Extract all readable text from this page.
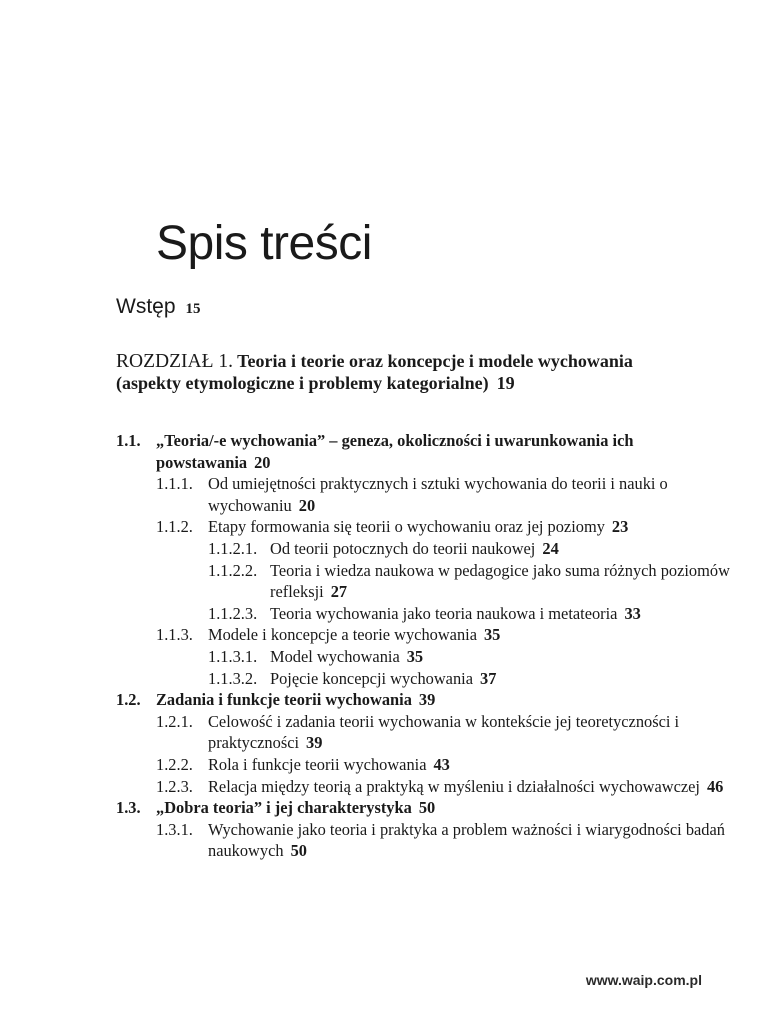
Spis treści
Wstęp 15
ROZDZIAŁ 1. Teoria i teorie oraz koncepcje i modele wychowania (aspekty etymologiczne i problemy kategorialne) 19
1.1. „Teoria/-e wychowania” – geneza, okoliczności i uwarunkowania ich powstawania 20
1.1.1. Od umiejętności praktycznych i sztuki wychowania do teorii i nauki o wychowaniu 20
1.1.2. Etapy formowania się teorii o wychowaniu oraz jej poziomy 23
1.1.2.1. Od teorii potocznych do teorii naukowej 24
1.1.2.2. Teoria i wiedza naukowa w pedagogice jako suma różnych poziomów refleksji 27
1.1.2.3. Teoria wychowania jako teoria naukowa i metateoria 33
1.1.3. Modele i koncepcje a teorie wychowania 35
1.1.3.1. Model wychowania 35
1.1.3.2. Pojęcie koncepcji wychowania 37
1.2. Zadania i funkcje teorii wychowania 39
1.2.1. Celowość i zadania teorii wychowania w kontekście jej teoretyczności i praktyczności 39
1.2.2. Rola i funkcje teorii wychowania 43
1.2.3. Relacja między teorią a praktyką w myśleniu i działalności wychowawczej 46
1.3. „Dobra teoria” i jej charakterystyka 50
1.3.1. Wychowanie jako teoria i praktyka a problem ważności i wiarygodności badań naukowych 50
www.waip.com.pl
